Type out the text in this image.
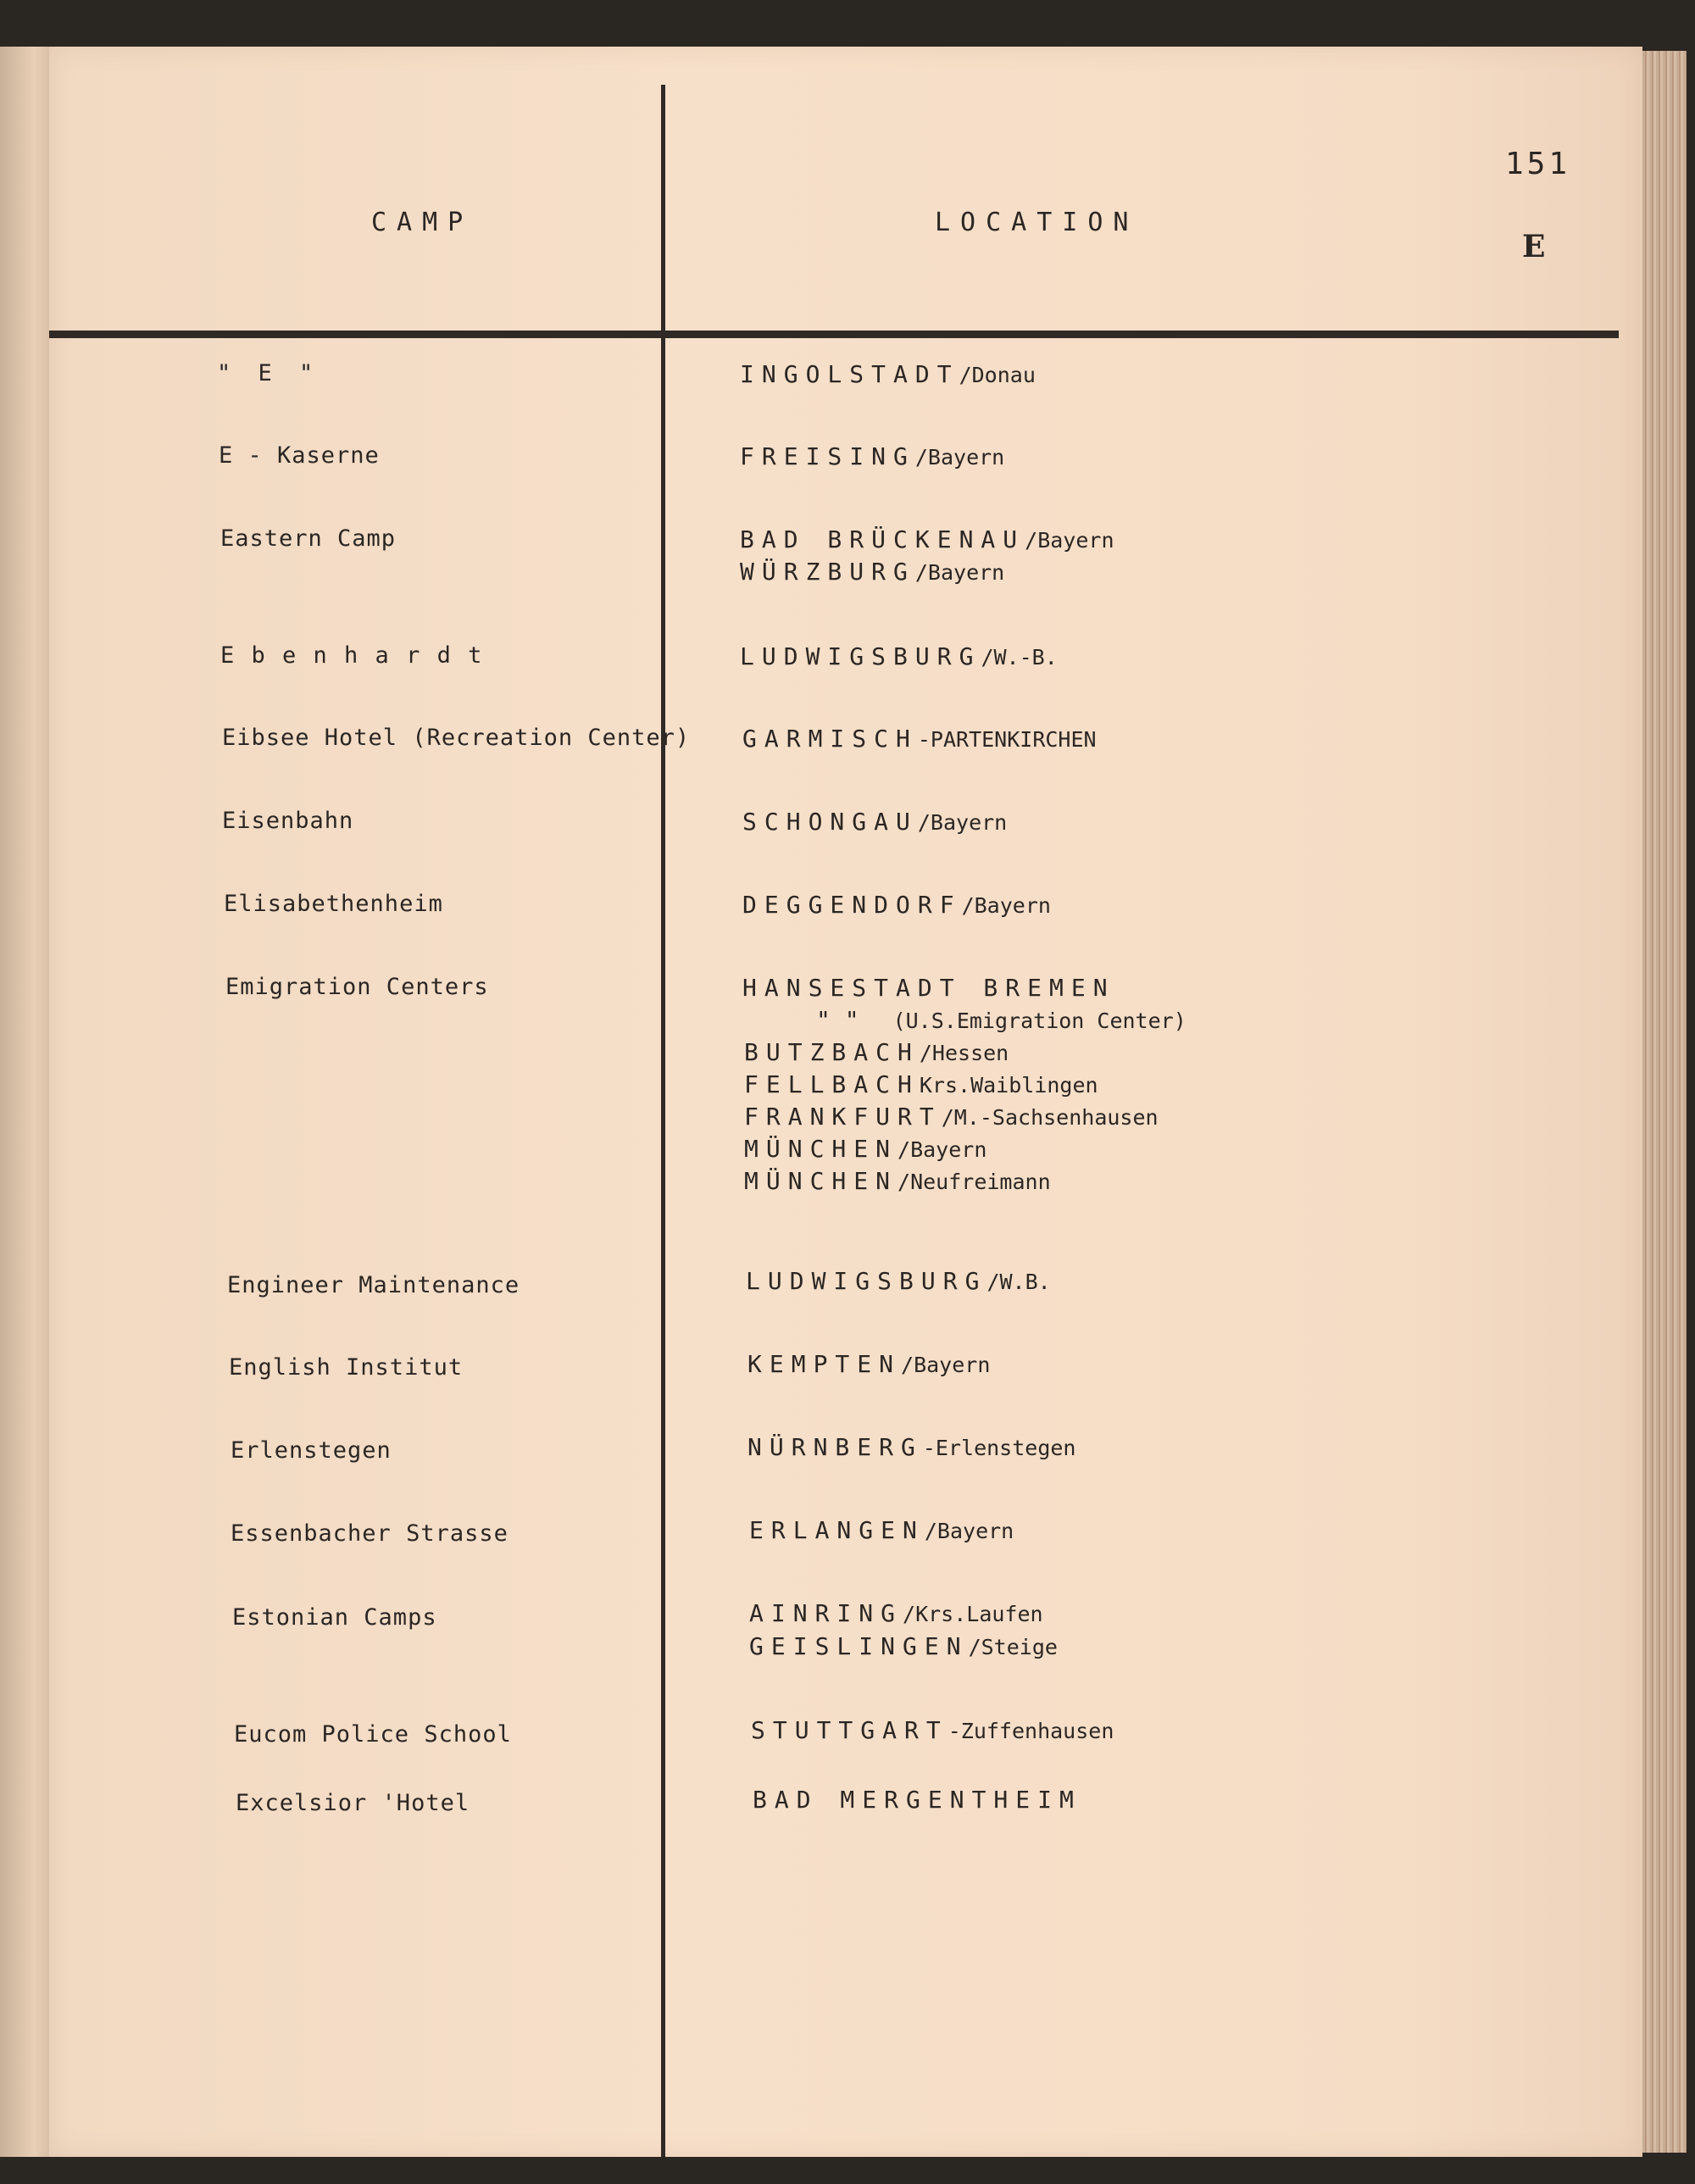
CAMP	LOCATION
151
E
" E "	INGOLSTADT/Donau
E - Kaserne	FREISING/Bayern
Eastern Camp	BAD BRÜCKENAU/Bayern
WÜRZBURG/Bayern
E b e n h a r d t	LUDWIGSBURG/W.-B.
Eibsee Hotel (Recreation Center) GARMISCH-PARTENKIRCHEN
Eisenbahn	SCHONGAU/Bayern
Elisabethenheim	DEGGENDORF/Bayern
Emigration Centers	HANSESTADT BREMEN
" " (U.S.Emigration Center)
BUTZBACH/Hessen
FELLBACHKrs.Waiblingen
FRANKFURT/M.-Sachsenhausen
MÜNCHEN/Bayern
MÜNCHEN/Neufreimann
Engineer Maintenance	LUDWIGSBURG/W.B.
English Institut	KEMPTEN/Bayern
Erlenstegen	NÜRNBERG-Erlenstegen
Essenbacher Strasse	ERLANGEN/Bayern
Estonian Camps	AINRING/Krs.Laufen
GEISLINGEN/Steige
Eucom Police School	STUTTGART-Zuffenhausen
Excelsior 'Hotel	BAD MERGENTHEIM
